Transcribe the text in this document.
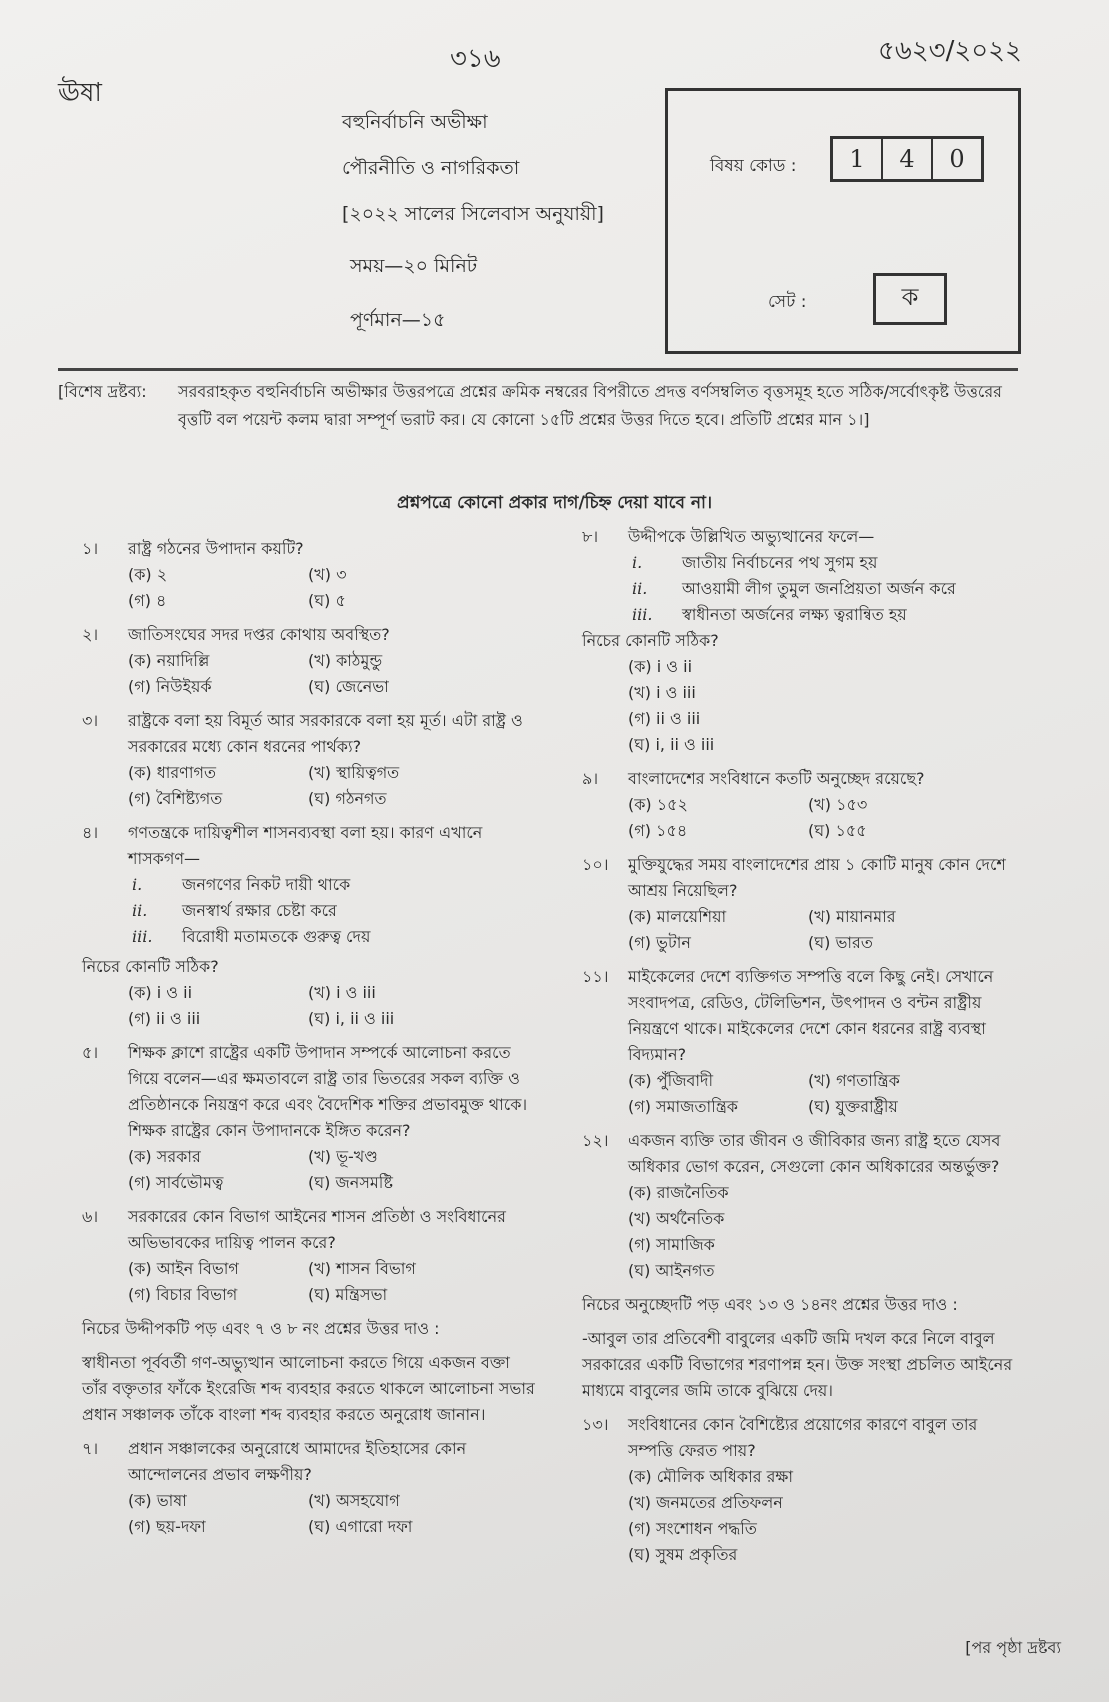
ঊষা
৩১৬	৫৬২৩/২০২২
বহুনির্বাচনি অভীক্ষা
পৌরনীতি ও নাগরিকতা
[২০২২ সালের সিলেবাস অনুযায়ী]
সময়—২০ মিনিট
পূর্ণমান—১৫
বিষয় কোড :	1	4	0
সেট :	ক
[বিশেষ দ্রষ্টব্য: সরবরাহকৃত বহুনির্বাচনি অভীক্ষার উত্তরপত্রে প্রশ্নের ক্রমিক নম্বরের বিপরীতে প্রদত্ত বর্ণসম্বলিত বৃত্তসমূহ হতে সঠিক/সর্বোৎকৃষ্ট উত্তরের বৃত্তটি বল পয়েন্ট কলম দ্বারা সম্পূর্ণ ভরাট কর। যে কোনো ১৫টি প্রশ্নের উত্তর দিতে হবে। প্রতিটি প্রশ্নের মান ১।]
প্রশ্নপত্রে কোনো প্রকার দাগ/চিহ্ন দেয়া যাবে না।
১। রাষ্ট্র গঠনের উপাদান কয়টি?
(ক) ২	(খ) ৩
(গ) ৪	(ঘ) ৫
২। জাতিসংঘের সদর দপ্তর কোথায় অবস্থিত?
(ক) নয়াদিল্লি	(খ) কাঠমুন্ডু
(গ) নিউইয়র্ক	(ঘ) জেনেভা
৩। রাষ্ট্রকে বলা হয় বিমূর্ত আর সরকারকে বলা হয় মূর্ত। এটা রাষ্ট্র ও সরকারের মধ্যে কোন ধরনের পার্থক্য?
(ক) ধারণাগত	(খ) স্থায়িত্বগত
(গ) বৈশিষ্ট্যগত	(ঘ) গঠনগত
৪। গণতন্ত্রকে দায়িত্বশীল শাসনব্যবস্থা বলা হয়। কারণ এখানে শাসকগণ—
i.	জনগণের নিকট দায়ী থাকে
ii.	জনস্বার্থ রক্ষার চেষ্টা করে
iii.	বিরোধী মতামতকে গুরুত্ব দেয়
নিচের কোনটি সঠিক?
(ক) i ও ii	(খ) i ও iii
(গ) ii ও iii	(ঘ) i, ii ও iii
৫। শিক্ষক ক্লাশে রাষ্ট্রের একটি উপাদান সম্পর্কে আলোচনা করতে গিয়ে বলেন—এর ক্ষমতাবলে রাষ্ট্র তার ভিতরের সকল ব্যক্তি ও প্রতিষ্ঠানকে নিয়ন্ত্রণ করে এবং বৈদেশিক শক্তির প্রভাবমুক্ত থাকে। শিক্ষক রাষ্ট্রের কোন উপাদানকে ইঙ্গিত করেন?
(ক) সরকার	(খ) ভূ-খণ্ড
(গ) সার্বভৌমত্ব	(ঘ) জনসমষ্টি
৬। সরকারের কোন বিভাগ আইনের শাসন প্রতিষ্ঠা ও সংবিধানের অভিভাবকের দায়িত্ব পালন করে?
(ক) আইন বিভাগ	(খ) শাসন বিভাগ
(গ) বিচার বিভাগ	(ঘ) মন্ত্রিসভা
নিচের উদ্দীপকটি পড় এবং ৭ ও ৮ নং প্রশ্নের উত্তর দাও :
স্বাধীনতা পূর্ববর্তী গণ-অভ্যুত্থান আলোচনা করতে গিয়ে একজন বক্তা তাঁর বক্তৃতার ফাঁকে ইংরেজি শব্দ ব্যবহার করতে থাকলে আলোচনা সভার প্রধান সঞ্চালক তাঁকে বাংলা শব্দ ব্যবহার করতে অনুরোধ জানান।
৭। প্রধান সঞ্চালকের অনুরোধে আমাদের ইতিহাসের কোন আন্দোলনের প্রভাব লক্ষণীয়?
(ক) ভাষা	(খ) অসহযোগ
(গ) ছয়-দফা	(ঘ) এগারো দফা
৮। উদ্দীপকে উল্লিখিত অভ্যুত্থানের ফলে—
i.	জাতীয় নির্বাচনের পথ সুগম হয়
ii.	আওয়ামী লীগ তুমুল জনপ্রিয়তা অর্জন করে
iii.	স্বাধীনতা অর্জনের লক্ষ্য ত্বরান্বিত হয়
নিচের কোনটি সঠিক?
(ক) i ও ii
(খ) i ও iii
(গ) ii ও iii
(ঘ) i, ii ও iii
৯। বাংলাদেশের সংবিধানে কতটি অনুচ্ছেদ রয়েছে?
(ক) ১৫২	(খ) ১৫৩
(গ) ১৫৪	(ঘ) ১৫৫
১০। মুক্তিযুদ্ধের সময় বাংলাদেশের প্রায় ১ কোটি মানুষ কোন দেশে আশ্রয় নিয়েছিল?
(ক) মালয়েশিয়া	(খ) মায়ানমার
(গ) ভুটান	(ঘ) ভারত
১১। মাইকেলের দেশে ব্যক্তিগত সম্পত্তি বলে কিছু নেই। সেখানে সংবাদপত্র, রেডিও, টেলিভিশন, উৎপাদন ও বন্টন রাষ্ট্রীয় নিয়ন্ত্রণে থাকে। মাইকেলের দেশে কোন ধরনের রাষ্ট্র ব্যবস্থা বিদ্যমান?
(ক) পুঁজিবাদী	(খ) গণতান্ত্রিক
(গ) সমাজতান্ত্রিক	(ঘ) যুক্তরাষ্ট্রীয়
১২। একজন ব্যক্তি তার জীবন ও জীবিকার জন্য রাষ্ট্র হতে যেসব অধিকার ভোগ করেন, সেগুলো কোন অধিকারের অন্তর্ভুক্ত?
(ক) রাজনৈতিক
(খ) অর্থনৈতিক
(গ) সামাজিক
(ঘ) আইনগত
নিচের অনুচ্ছেদটি পড় এবং ১৩ ও ১৪নং প্রশ্নের উত্তর দাও :
-আবুল তার প্রতিবেশী বাবুলের একটি জমি দখল করে নিলে বাবুল সরকারের একটি বিভাগের শরণাপন্ন হন। উক্ত সংস্থা প্রচলিত আইনের মাধ্যমে বাবুলের জমি তাকে বুঝিয়ে দেয়।
১৩। সংবিধানের কোন বৈশিষ্ট্যের প্রয়োগের কারণে বাবুল তার সম্পত্তি ফেরত পায়?
(ক) মৌলিক অধিকার রক্ষা
(খ) জনমতের প্রতিফলন
(গ) সংশোধন পদ্ধতি
(ঘ) সুষম প্রকৃতির
[পর পৃষ্ঠা দ্রষ্টব্য
